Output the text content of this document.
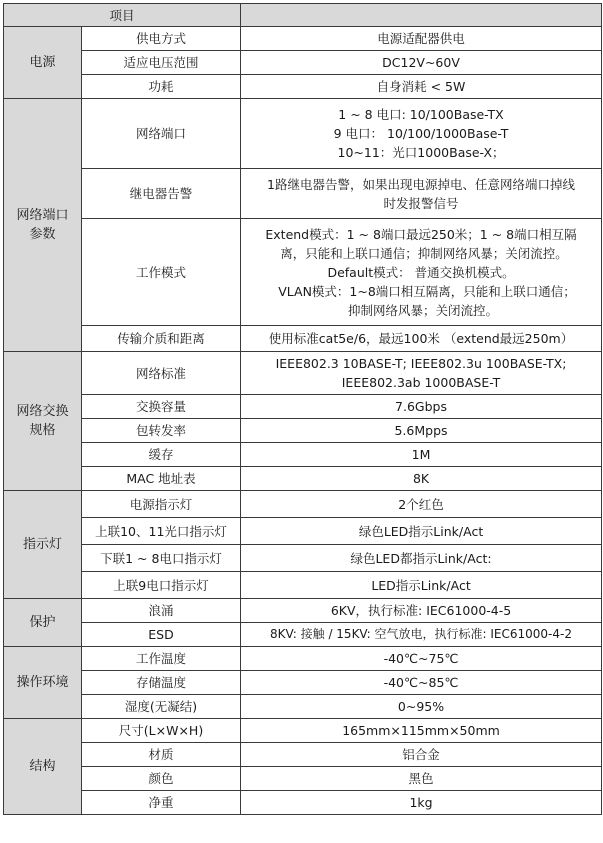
项目		
电源	供电方式	电源适配器供电
	适应电压范围	DC12V~60V
	功耗	自身消耗 < 5W

网络端口
参数	网络端口	1 ~ 8 电口: 10/100Base-TX
9 电口： 10/100/1000Base-T
10~11：光口1000Base-X；

	继电器告警	1路继电器告警，如果出现电源掉电、任意网络端口掉线
时发报警信号

	工作模式	Extend模式：1 ~ 8端口最远250米；1 ~ 8端口相互隔
离，只能和上联口通信；抑制网络风暴；关闭流控。
Default模式： 普通交换机模式。
VLAN模式：1~8端口相互隔离，只能和上联口通信；
抑制网络风暴；关闭流控。

	传输介质和距离	使用标准cat5e/6，最远100米 （extend最远250m）

网络交换
规格	网络标准	IEEE802.3 10BASE-T; IEEE802.3u 100BASE-TX;
IEEE802.3ab 1000BASE-T

	交换容量	7.6Gbps
	包转发率	5.6Mpps
	缓存	1M
	MAC 地址表	8K
指示灯	电源指示灯	2个红色
	上联10、11光口指示灯	绿色LED指示Link/Act
	下联1 ~ 8电口指示灯	绿色LED都指示Link/Act:
	上联9电口指示灯	LED指示Link/Act
保护	浪涌	6KV，执行标准: IEC61000-4-5
	ESD	8KV: 接触 / 15KV: 空气放电，执行标准: IEC61000-4-2
操作环境	工作温度	-40℃~75℃
	存储温度	-40℃~85℃
	湿度(无凝结)	0~95%
结构	尺寸(L×W×H)	165mm×115mm×50mm
	材质	铝合金
	颜色	黑色
	净重	1kg
